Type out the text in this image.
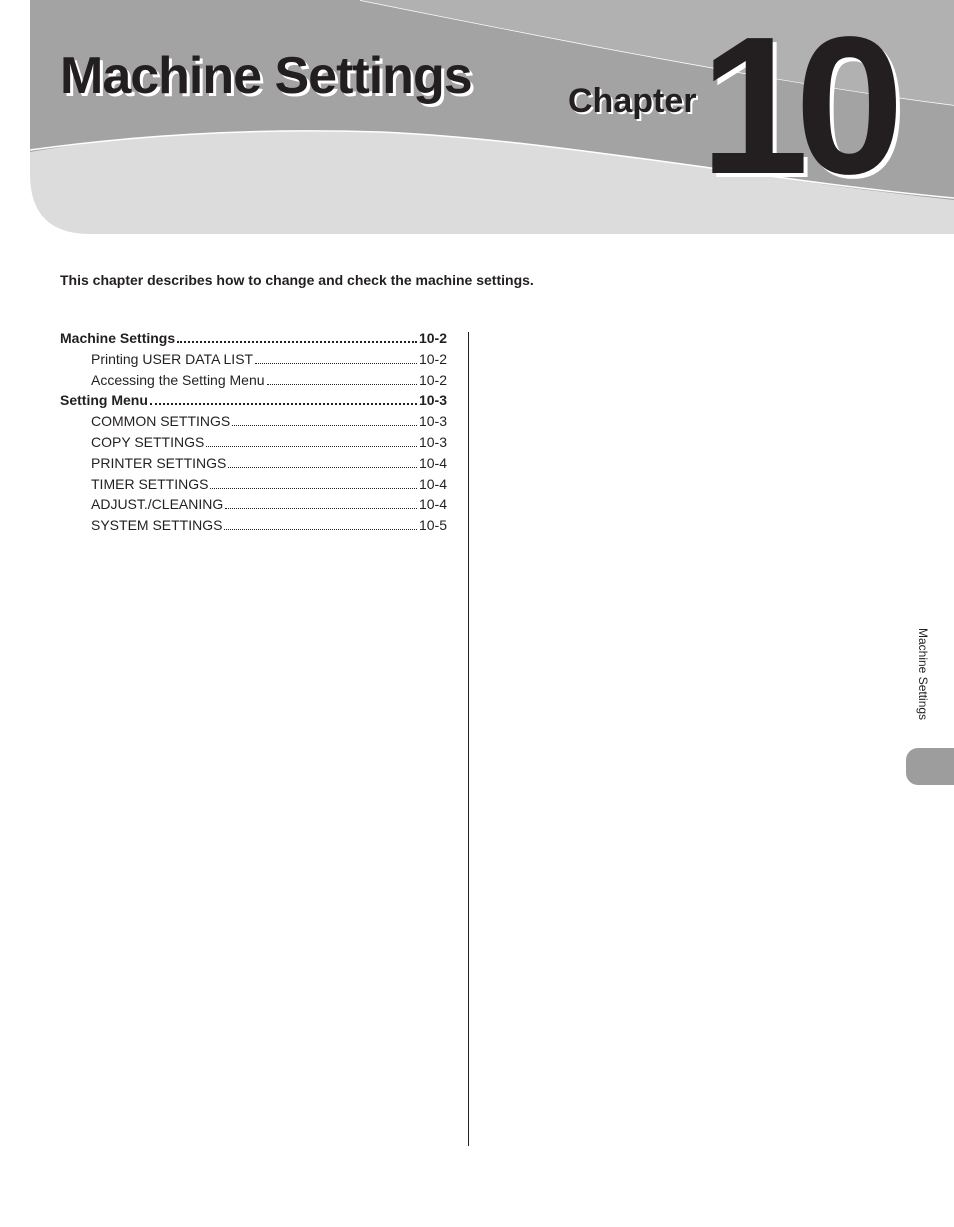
Machine Settings	Chapter 10

This chapter describes how to change and check the machine settings.

Machine Settings	10-2
Printing USER DATA LIST	10-2
Accessing the Setting Menu	10-2
Setting Menu	10-3
COMMON SETTINGS	10-3
COPY SETTINGS	10-3
PRINTER SETTINGS	10-4
TIMER SETTINGS	10-4
ADJUST./CLEANING	10-4
SYSTEM SETTINGS	10-5
Machine Settings
